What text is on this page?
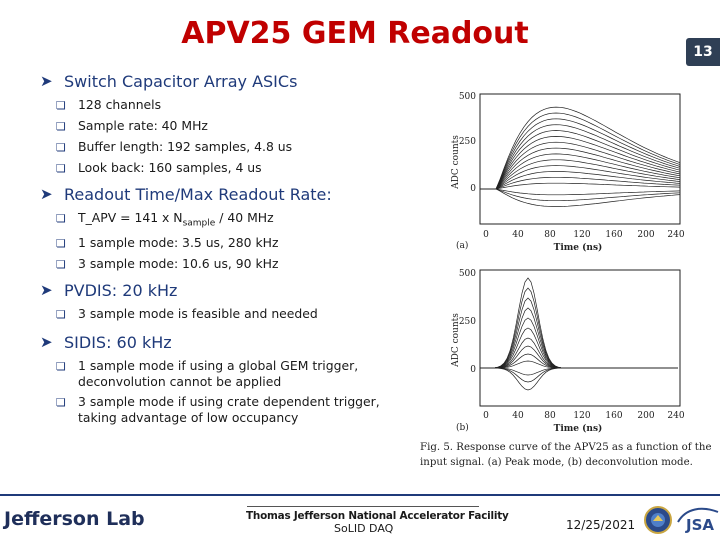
APV25 GEM Readout
13
➤ Switch Capacitor Array ASICs
❏ 128 channels
❏ Sample rate: 40 MHz
❏ Buffer length: 192 samples, 4.8 us
❏ Look back: 160 samples, 4 us
➤ Readout Time/Max Readout Rate:
❏ T_APV = 141 x $N_{sample} / 40$ MHz
❏ 1 sample mode: 3.5 us, 280 kHz
❏ 3 sample mode: 10.6 us, 90 kHz
➤ PVDIS: 20 kHz
❏ 3 sample mode is feasible and needed
➤ SIDIS: 60 kHz
❏ 1 sample mode if using a global GEM trigger, deconvolution cannot be applied
❏ 3 sample mode if using crate dependent trigger, taking advantage of low occupancy
500
250
0
ADC counts
(a)
0	40 80 120 160 200 240
Time (ns)
500
250
0
ADC counts
(b)
0	40 80 120 160 200 240
Time (ns)
Fig. 5. Response curve of the APV25 as a function of the input signal. (a) Peak mode, (b) deconvolution mode.
Jefferson Lab	Thomas Jefferson National Accelerator Facility
SoLID DAQ	12/25/2021	JSA
